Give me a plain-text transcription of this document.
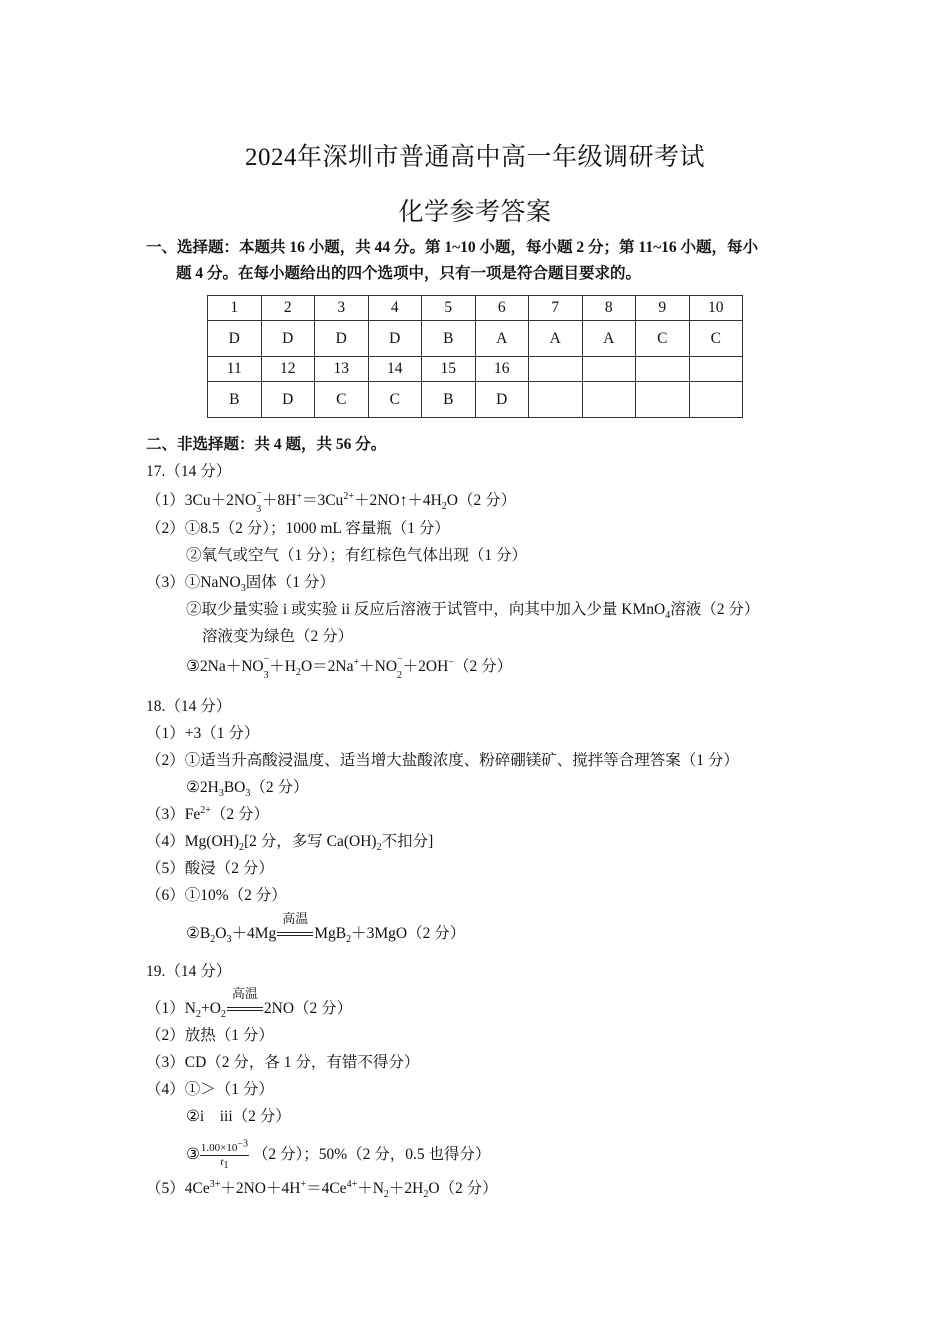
2024年深圳市普通高中高一年级调研考试
化学参考答案
一、选择题：本题共 16 小题，共 44 分。第 1~10 小题，每小题 2 分；第 11~16 小题，每小
题 4 分。在每小题给出的四个选项中，只有一项是符合题目要求的。
1	2	3	4	5	6	7	8	9	10
D	D	D	D	B	A	A	A	C	C
11	12	13	14	15	16				
B	D	C	C	B	D				
二、非选择题：共 4 题，共 56 分。
17.（14 分）
（1）3Cu＋2NO−
$_3+8H^+=3Cu^{2+}+2NO↑+4H_2O(2$ 分）
（2）①8.5（2 分）；1000 mL 容量瓶（1 分）
②氧气或空气（1 分）；有红棕色气体出现（1 分）
（3）①NaNO$_3$固体（1 分）
②取少量实验 i 或实验 ii 反应后溶液于试管中，向其中加入少量 KMnO$_4$溶液（2 分）
溶液变为绿色（2 分）
③2Na＋NO−
$_3+H_2O=2Na^++NO^-$
$_2$＋2OH−（2 分）
18.（14 分）
（1）+3（1 分）
（2）①适当升高酸浸温度、适当增大盐酸浓度、粉碎硼镁矿、搅拌等合理答案（1 分）
$②2H_3BO_3(2$ 分）
$(3)Fe^{2+}(2$ 分）
$(4)Mg(OH)_2[2$ 分，多写 $Ca(OH)_2$不扣分]
（5）酸浸（2 分）
（6）①10%（2 分）
$②B_2O_3+4Mg$
高温
MgB$_2$＋3MgO（2 分）
19.（14 分）
$(1)N_2+O_2$
高温
2NO（2 分）
（2）放热（1 分）
（3）CD（2 分，各 1 分，有错不得分）
（4）①＞（1 分）
②i　iii（2 分）
③ $\frac{1.00\times 10^{-3}}{t_1} (2$ 分）；50%（2 分，0.5 也得分）
$(5)4Ce^{3+}+2NO+4H^+=4Ce^{4+}+N_2+2H_2O(2$ 分）
